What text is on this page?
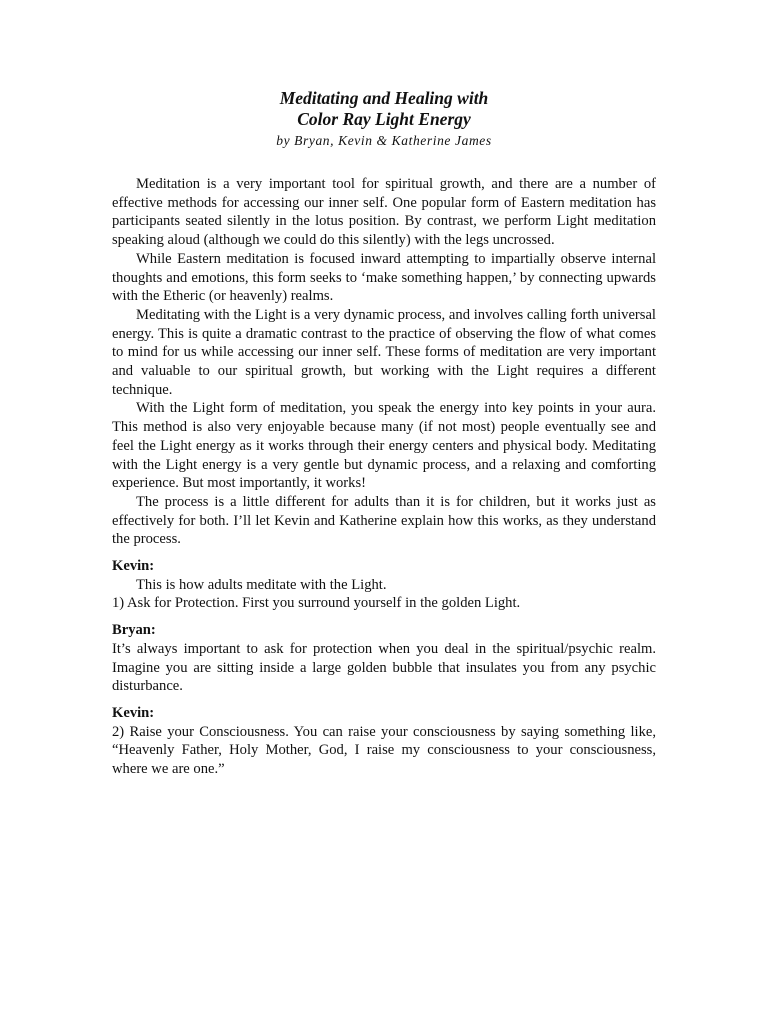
Meditating and Healing with
Color Ray Light Energy

by Bryan, Kevin & Katherine James

Meditation is a very important tool for spiritual growth, and there are a number of effective methods for accessing our inner self. One popular form of Eastern meditation has participants seated silently in the lotus position. By contrast, we perform Light meditation speaking aloud (although we could do this silently) with the legs uncrossed.

While Eastern meditation is focused inward attempting to impartially observe internal thoughts and emotions, this form seeks to ‘make something happen,’ by connecting upwards with the Etheric (or heavenly) realms.

Meditating with the Light is a very dynamic process, and involves calling forth universal energy. This is quite a dramatic contrast to the practice of observing the flow of what comes to mind for us while accessing our inner self. These forms of meditation are very important and valuable to our spiritual growth, but working with the Light requires a different technique.

With the Light form of meditation, you speak the energy into key points in your aura. This method is also very enjoyable because many (if not most) people eventually see and feel the Light energy as it works through their energy centers and physical body. Meditating with the Light energy is a very gentle but dynamic process, and a relaxing and comforting experience. But most importantly, it works!

The process is a little different for adults than it is for children, but it works just as effectively for both. I’ll let Kevin and Katherine explain how this works, as they understand the process.

Kevin:

This is how adults meditate with the Light.

1) Ask for Protection. First you surround yourself in the golden Light.

Bryan:

It’s always important to ask for protection when you deal in the spiritual/psychic realm. Imagine you are sitting inside a large golden bubble that insulates you from any psychic disturbance.

Kevin:

2) Raise your Consciousness. You can raise your consciousness by saying something like, “Heavenly Father, Holy Mother, God, I raise my consciousness to your consciousness, where we are one.”
